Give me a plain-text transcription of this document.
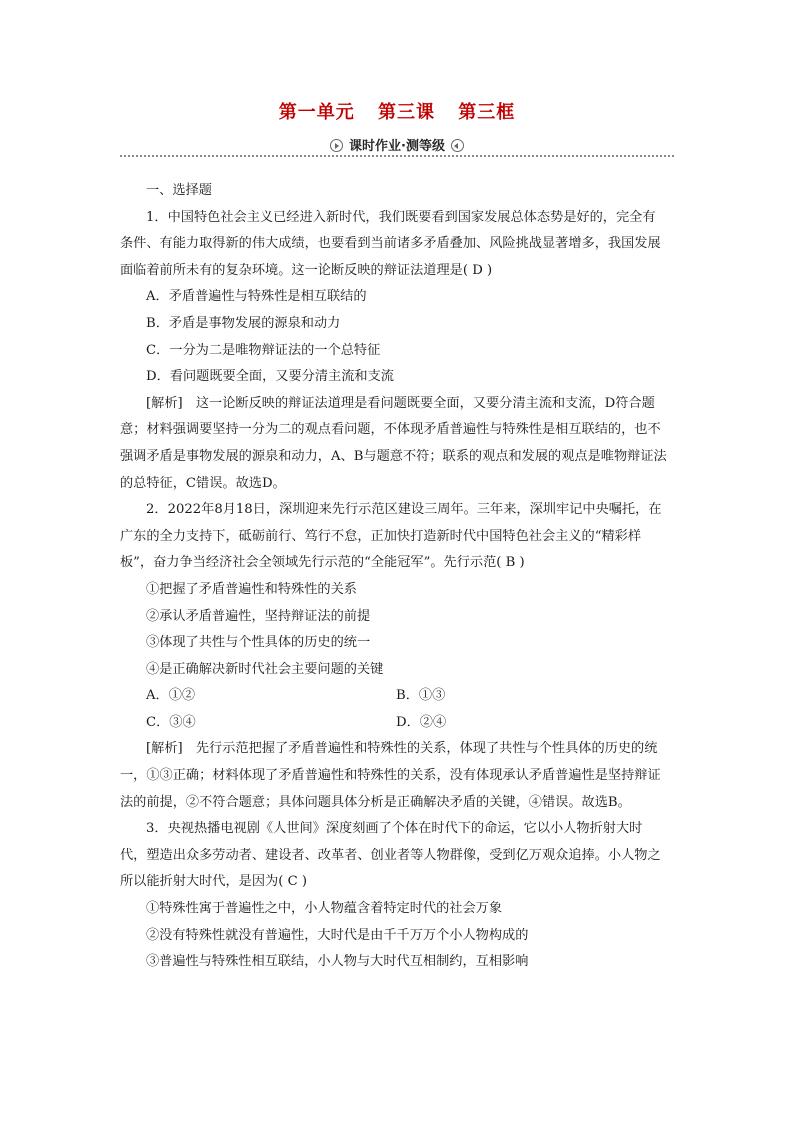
第一单元 第三课 第三框
课时作业·测等级

一、选择题

1．中国特色社会主义已经进入新时代，我们既要看到国家发展总体态势是好的，完全有条件、有能力取得新的伟大成绩，也要看到当前诸多矛盾叠加、风险挑战显著增多，我国发展面临着前所未有的复杂环境。这一论断反映的辩证法道理是( D )

A．矛盾普遍性与特殊性是相互联结的

B．矛盾是事物发展的源泉和动力

C．一分为二是唯物辩证法的一个总特征

D．看问题既要全面，又要分清主流和支流

[解析]　这一论断反映的辩证法道理是看问题既要全面，又要分清主流和支流，D符合题意；材料强调要坚持一分为二的观点看问题，不体现矛盾普遍性与特殊性是相互联结的，也不强调矛盾是事物发展的源泉和动力，A、B与题意不符；联系的观点和发展的观点是唯物辩证法的总特征，C错误。故选D。

2．2022年8月18日，深圳迎来先行示范区建设三周年。三年来，深圳牢记中央嘱托，在广东的全力支持下，砥砺前行、笃行不怠，正加快打造新时代中国特色社会主义的“精彩样板”，奋力争当经济社会全领域先行示范的“全能冠军”。先行示范( B )

①把握了矛盾普遍性和特殊性的关系

②承认矛盾普遍性，坚持辩证法的前提

③体现了共性与个性具体的历史的统一

④是正确解决新时代社会主要问题的关键

A．①②	B．①③
C．③④	D．②④

[解析]　先行示范把握了矛盾普遍性和特殊性的关系，体现了共性与个性具体的历史的统一，①③正确；材料体现了矛盾普遍性和特殊性的关系，没有体现承认矛盾普遍性是坚持辩证法的前提，②不符合题意；具体问题具体分析是正确解决矛盾的关键，④错误。故选B。

3．央视热播电视剧《人世间》深度刻画了个体在时代下的命运，它以小人物折射大时代，塑造出众多劳动者、建设者、改革者、创业者等人物群像，受到亿万观众追捧。小人物之所以能折射大时代，是因为( C )

①特殊性寓于普遍性之中，小人物蕴含着特定时代的社会万象

②没有特殊性就没有普遍性，大时代是由千千万万个小人物构成的

③普遍性与特殊性相互联结，小人物与大时代互相制约，互相影响
